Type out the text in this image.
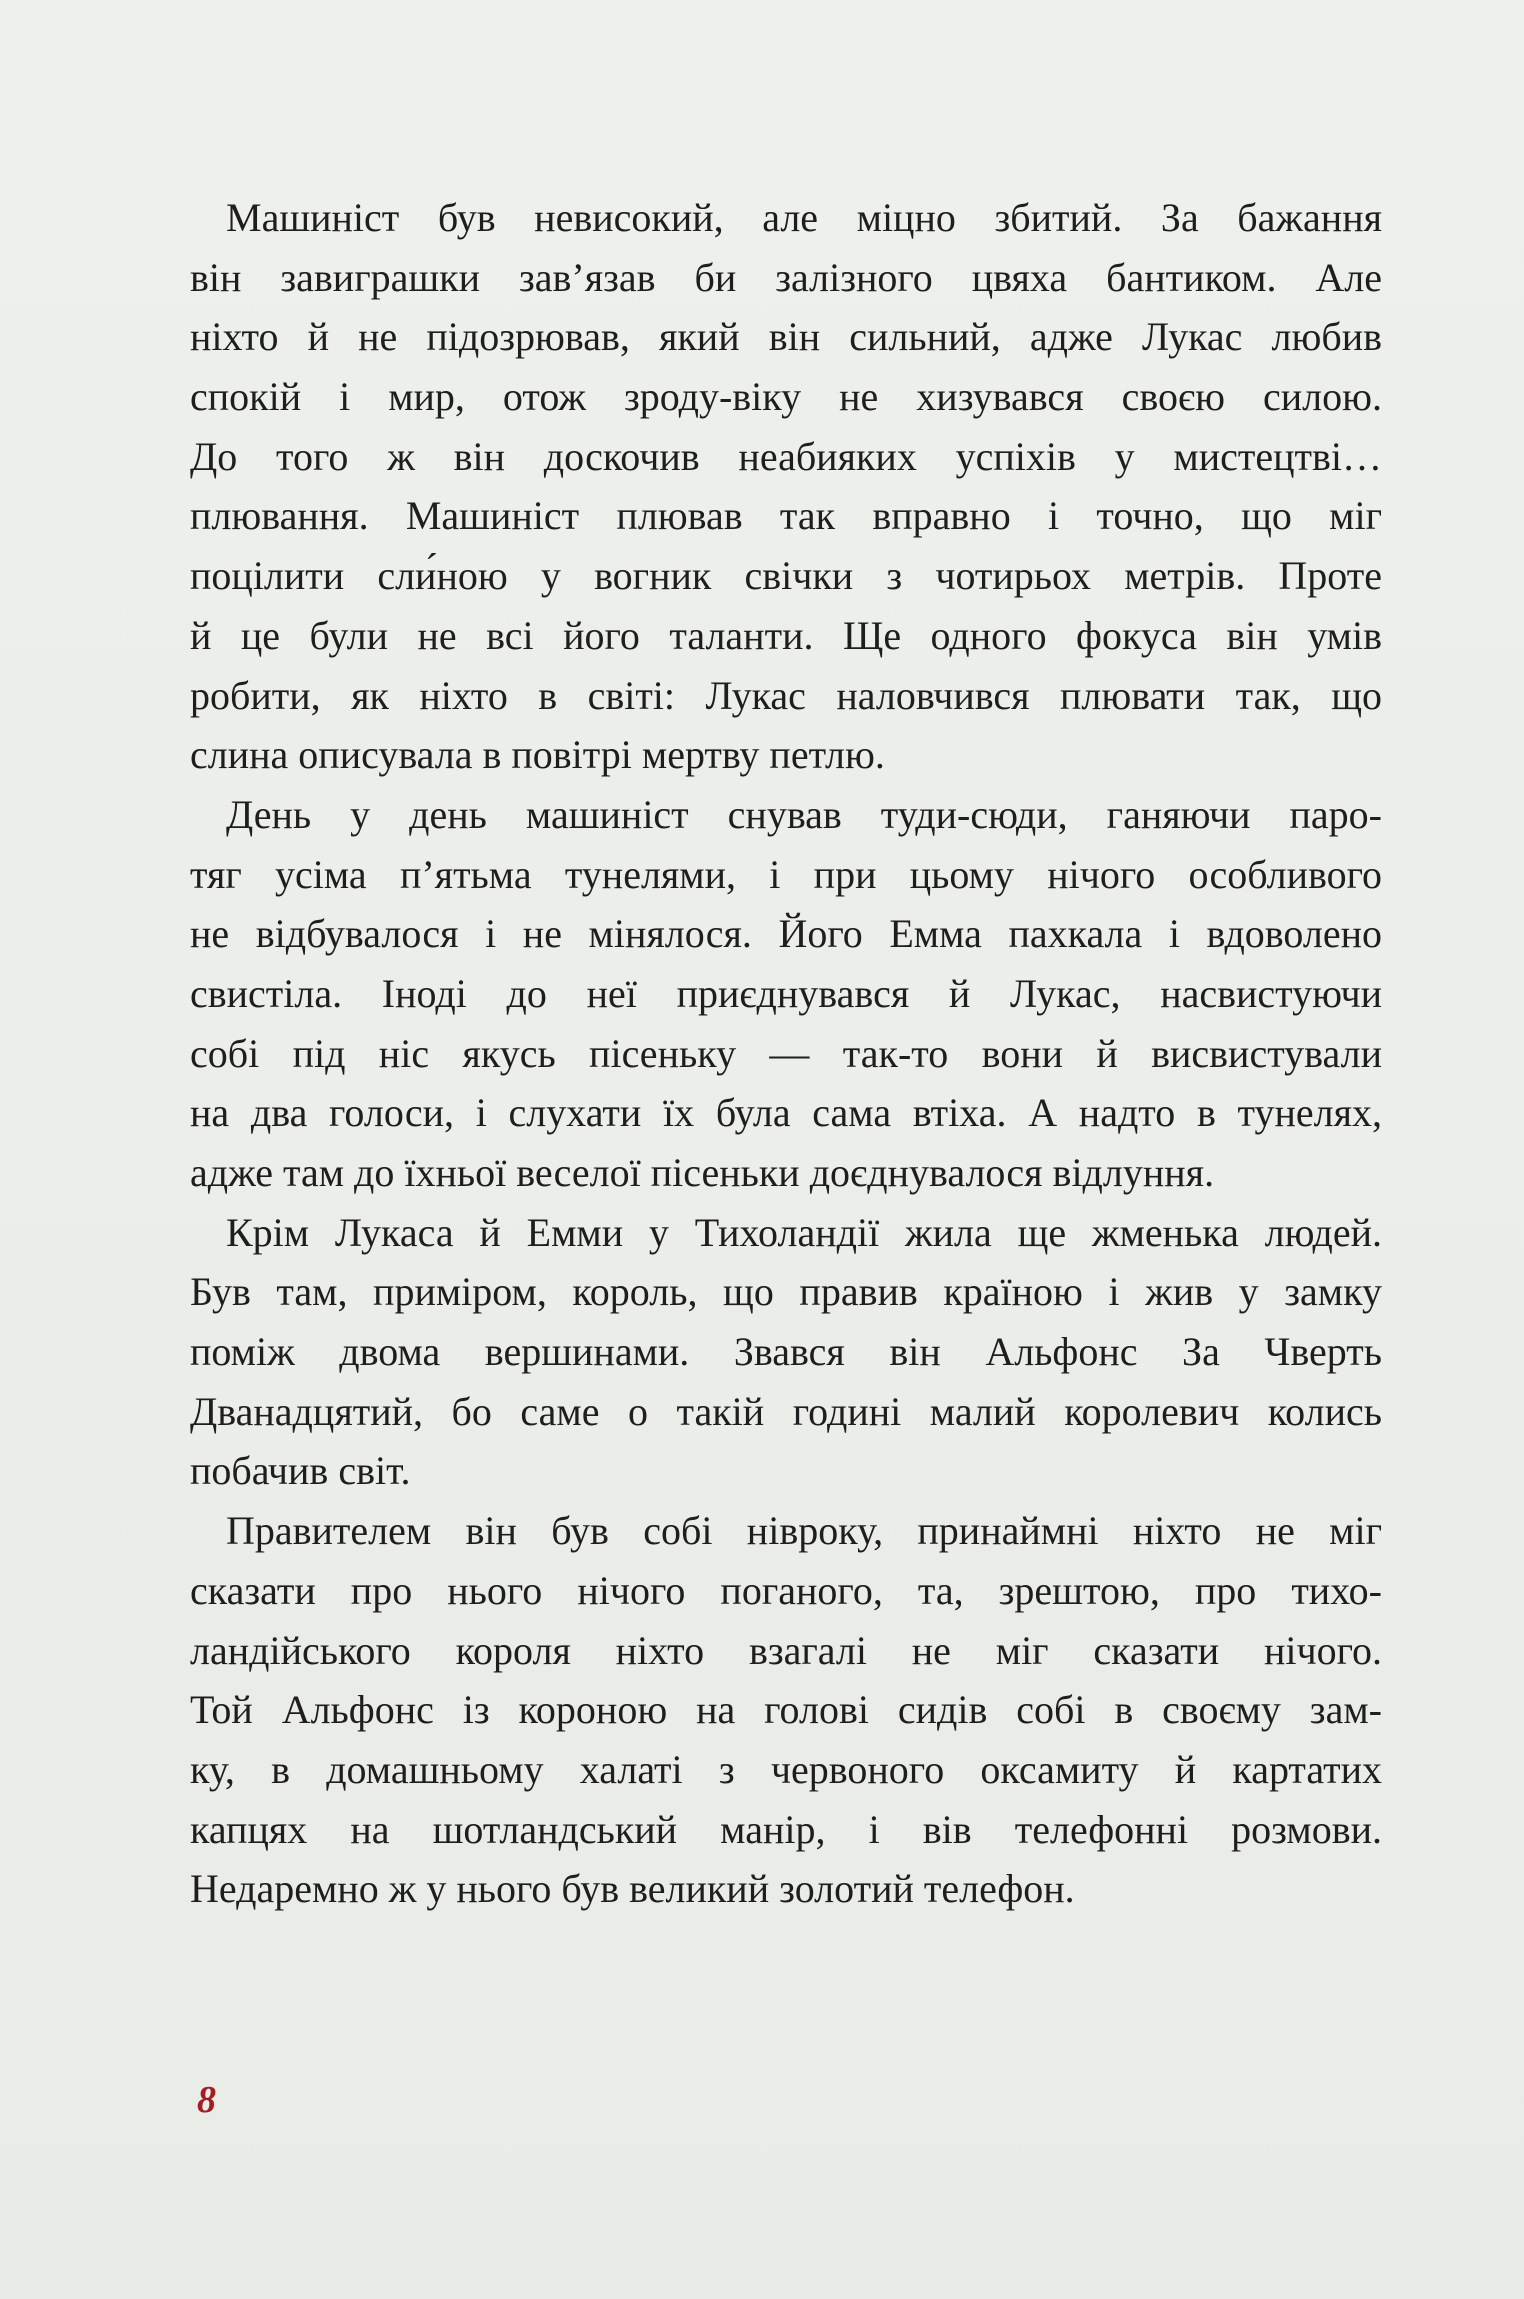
Машиніст був невисокий, але міцно збитий. За бажання
він завиграшки зав’язав би залізного цвяха бантиком. Але
ніхто й не підозрював, який він сильний, адже Лукас любив
спокій і мир, отож зроду-віку не хизувався своєю силою.
До того ж він доскочив неабияких успіхів у мистецтві…
плювання. Машиніст плював так вправно і точно, що міг
поцілити сли́ною у вогник свічки з чотирьох метрів. Проте
й це були не всі його таланти. Ще одного фокуса він умів
робити, як ніхто в світі: Лукас наловчився плювати так, що
слина описувала в повітрі мертву петлю.
День у день машиніст снував туди-сюди, ганяючи паро-
тяг усіма п’ятьма тунелями, і при цьому нічого особливого
не відбувалося і не мінялося. Його Емма пахкала і вдоволено
свистіла. Іноді до неї приєднувався й Лукас, насвистуючи
собі під ніс якусь пісеньку — так-то вони й висвистували
на два голоси, і слухати їх була сама втіха. А надто в тунелях,
адже там до їхньої веселої пісеньки доєднувалося відлуння.
Крім Лукаса й Емми у Тихоландії жила ще жменька людей.
Був там, приміром, король, що правив країною і жив у замку
поміж двома вершинами. Звався він Альфонс За Чверть
Дванадцятий, бо саме о такій годині малий королевич колись
побачив світ.
Правителем він був собі нівроку, принаймні ніхто не міг
сказати про нього нічого поганого, та, зрештою, про тихо-
ландійського короля ніхто взагалі не міг сказати нічого.
Той Альфонс із короною на голові сидів собі в своєму зам-
ку, в домашньому халаті з червоного оксамиту й картатих
капцях на шотландський манір, і вів телефонні розмови.
Недаремно ж у нього був великий золотий телефон.
8
